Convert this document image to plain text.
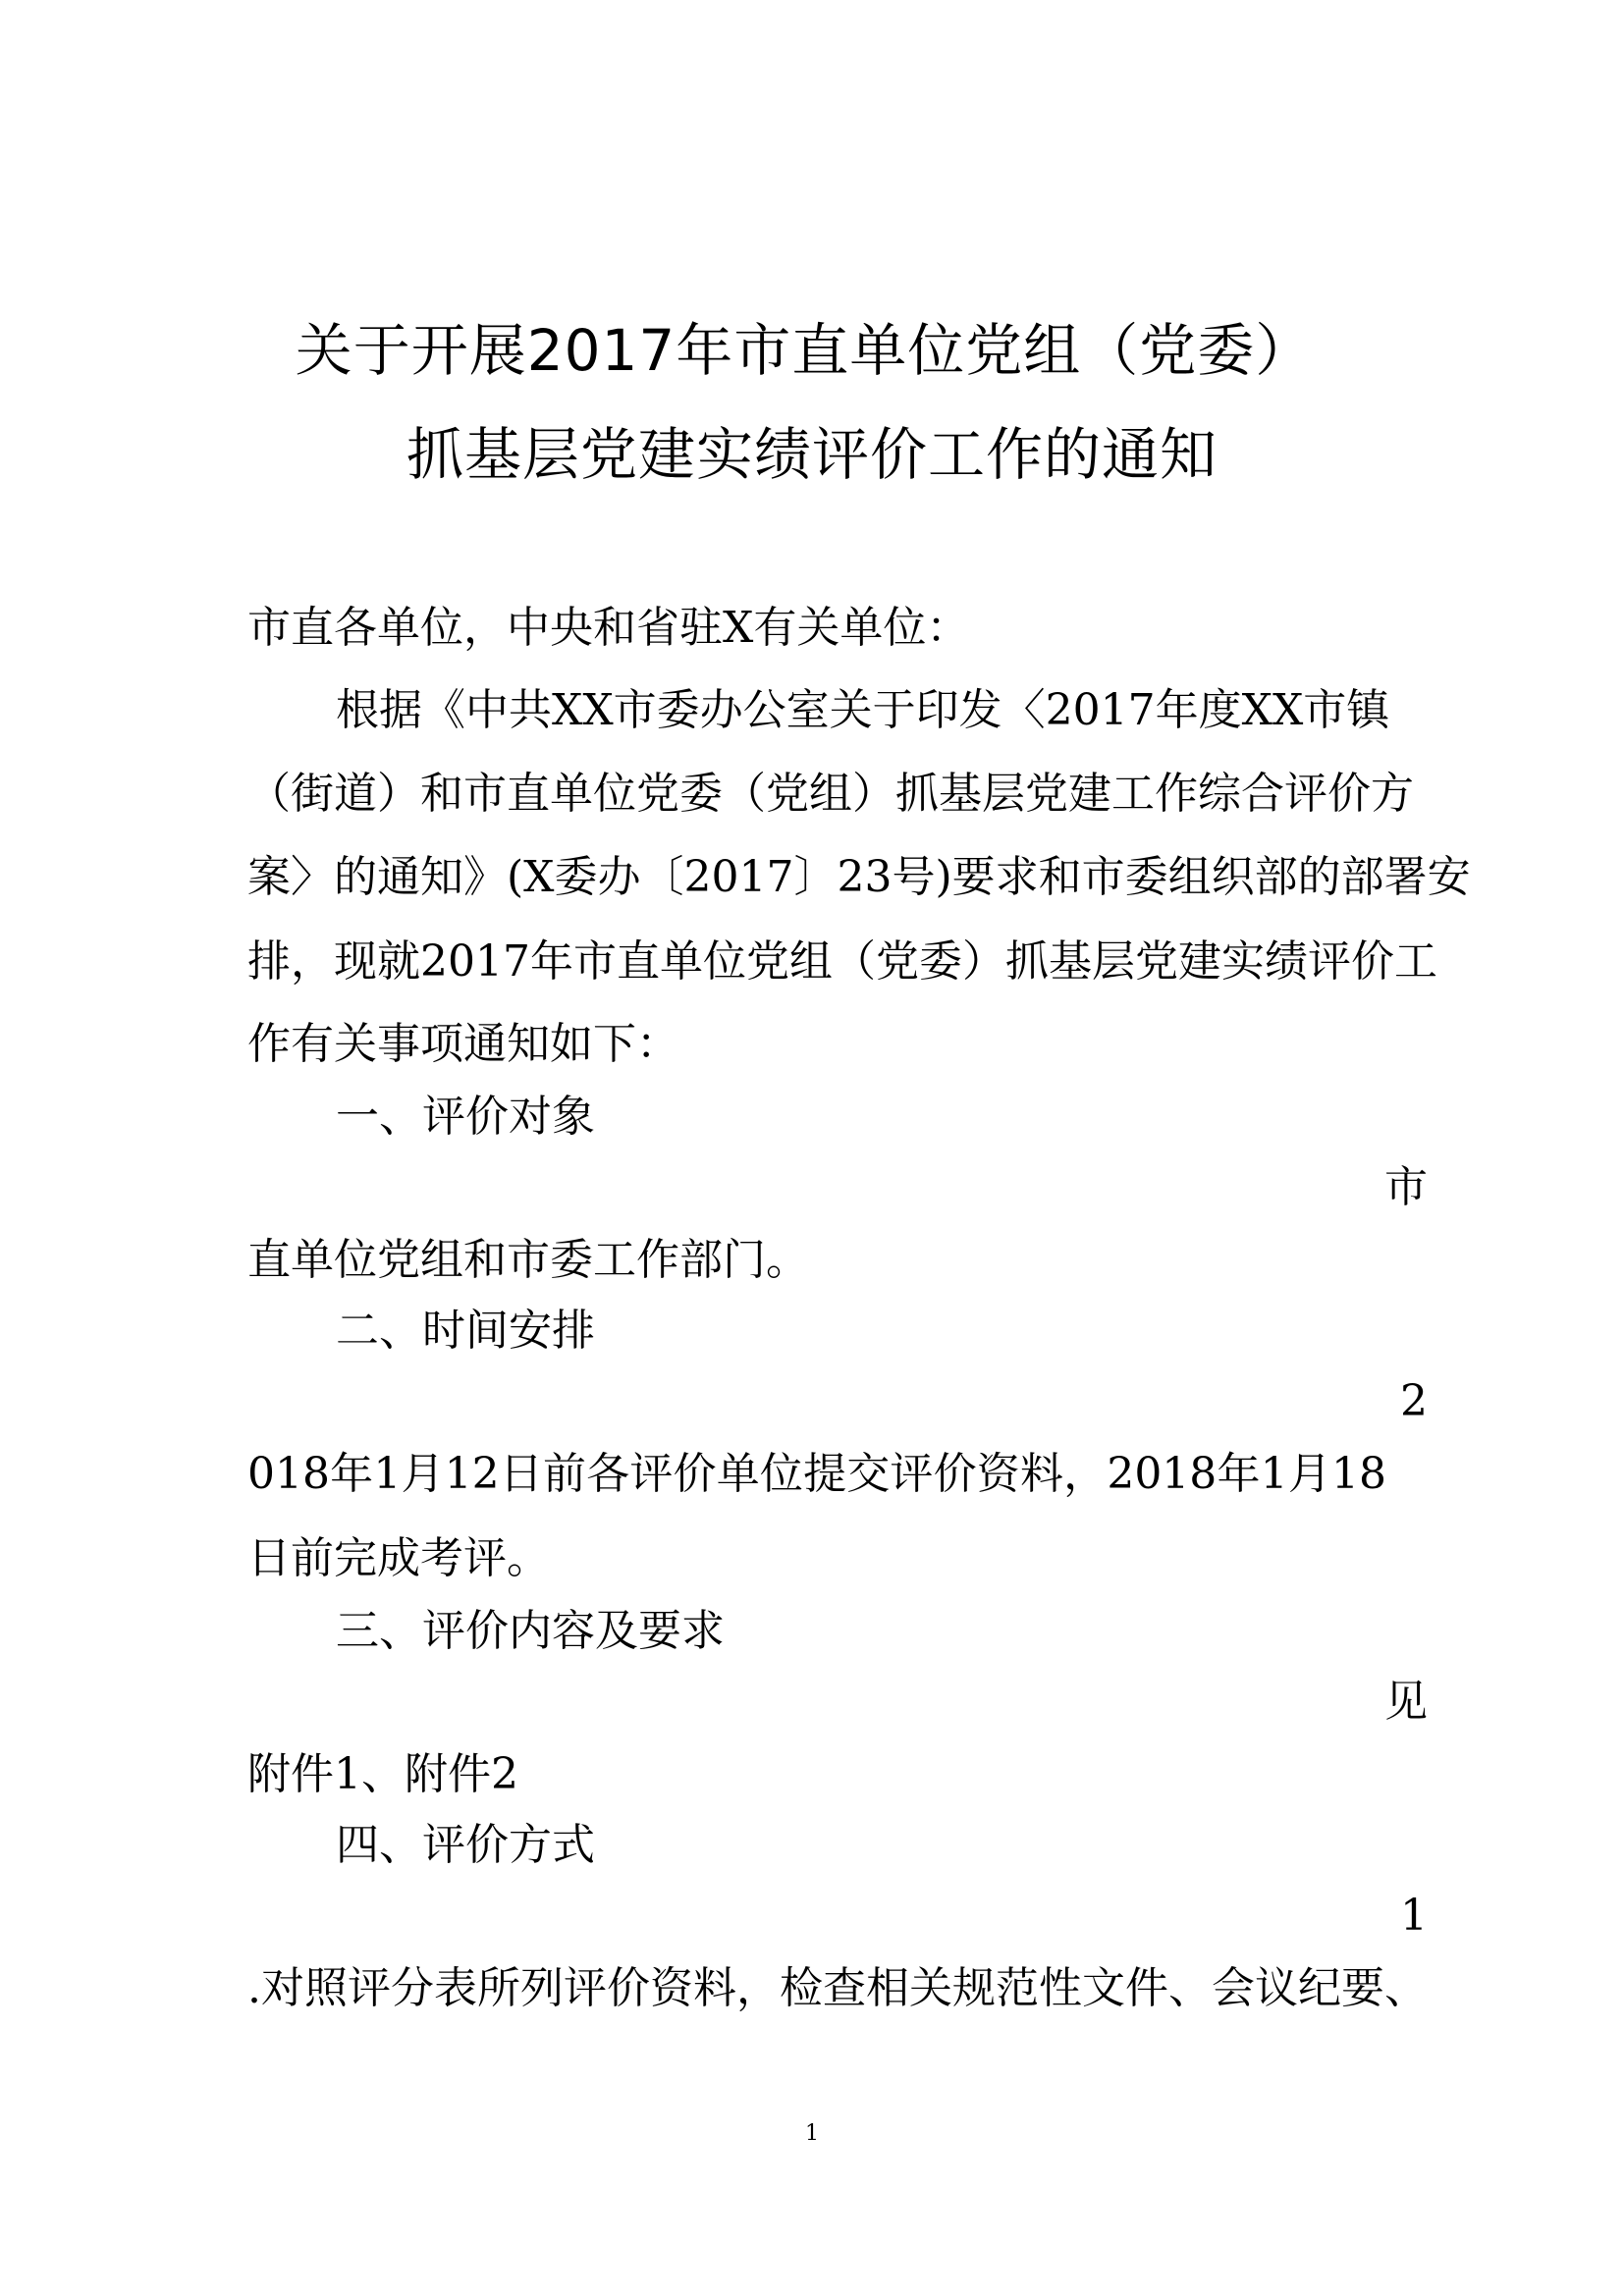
关于开展2017年市直单位党组（党委）
抓基层党建实绩评价工作的通知
市直各单位，中央和省驻X有关单位：
根据《中共XX市委办公室关于印发〈2017年度XX市镇
（街道）和市直单位党委（党组）抓基层党建工作综合评价方
案〉的通知》(X委办〔2017〕23号)要求和市委组织部的部署安
排，现就2017年市直单位党组（党委）抓基层党建实绩评价工
作有关事项通知如下：
一、评价对象
市
直单位党组和市委工作部门。
二、时间安排
2
018年1月12日前各评价单位提交评价资料，2018年1月18
日前完成考评。
三、评价内容及要求
见
附件1、附件2
四、评价方式
1
.对照评分表所列评价资料，检查相关规范性文件、会议纪要、
1
